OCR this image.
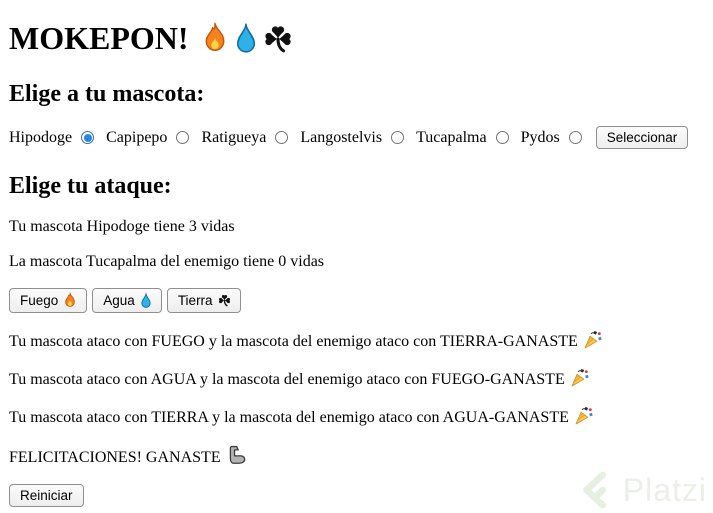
MOKEPON!
Elige a tu mascota:
Hipodoge Capipepo Ratigueya Langostelvis Tucapalma Pydos	Seleccionar
Elige tu ataque:

Tu mascota Hipodoge tiene 3 vidas

La mascota Tucapalma del enemigo tiene 0 vidas

Fuego	Agua	Tierra

Tu mascota ataco con FUEGO y la mascota del enemigo ataco con TIERRA-GANASTE

Tu mascota ataco con AGUA y la mascota del enemigo ataco con FUEGO-GANASTE

Tu mascota ataco con TIERRA y la mascota del enemigo ataco con AGUA-GANASTE

FELICITACIONES! GANASTE

Reiniciar	Platzi
